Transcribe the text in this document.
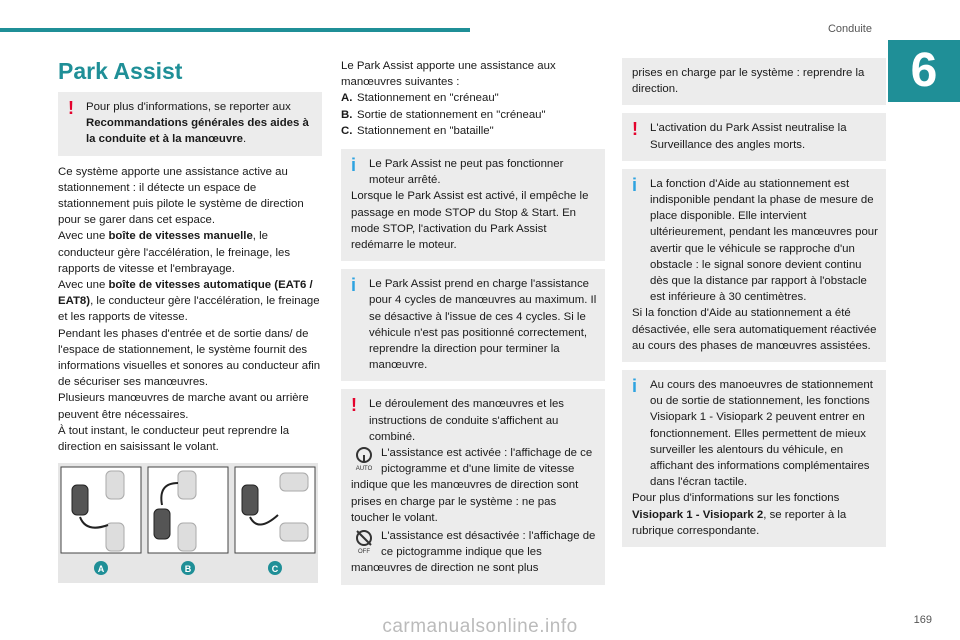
Conduite
6
Park Assist
!	Pour plus d'informations, se reporter aux Recommandations générales des aides à la conduite et à la manœuvre.

Ce système apporte une assistance active au stationnement : il détecte un espace de stationnement puis pilote le système de direction pour se garer dans cet espace.

Avec une boîte de vitesses manuelle, le conducteur gère l'accélération, le freinage, les rapports de vitesse et l'embrayage.

Avec une boîte de vitesses automatique (EAT6 / EAT8), le conducteur gère l'accélération, le freinage et les rapports de vitesse.

Pendant les phases d'entrée et de sortie dans/ de l'espace de stationnement, le système fournit des informations visuelles et sonores au conducteur afin de sécuriser ses manœuvres.

Plusieurs manœuvres de marche avant ou arrière peuvent être nécessaires.

À tout instant, le conducteur peut reprendre la direction en saisissant le volant.

A	B	C

Le Park Assist apporte une assistance aux manœuvres suivantes :

A. Stationnement en "créneau"

B. Sortie de stationnement en "créneau"

C. Stationnement en "bataille"

i	Le Park Assist ne peut pas fonctionner moteur arrêté.

Lorsque le Park Assist est activé, il empêche le passage en mode STOP du Stop & Start. En mode STOP, l'activation du Park Assist redémarre le moteur.

i	Le Park Assist prend en charge l'assistance pour 4 cycles de manœuvres au maximum. Il se désactive à l'issue de ces 4 cycles. Si le véhicule n'est pas positionné correctement, reprendre la direction pour terminer la manœuvre.
!	Le déroulement des manœuvres et les instructions de conduite s'affichent au combiné.

AUTO
L'assistance est activée : l'affichage de ce pictogramme et d'une limite de vitesse indique que les manœuvres de direction sont prises en charge par le système : ne pas toucher le volant.

OFF
L'assistance est désactivée : l'affichage de ce pictogramme indique que les manœuvres de direction ne sont plus

prises en charge par le système : reprendre la direction.

!	L'activation du Park Assist neutralise la Surveillance des angles morts.
i	La fonction d'Aide au stationnement est indisponible pendant la phase de mesure de place disponible. Elle intervient ultérieurement, pendant les manœuvres pour avertir que le véhicule se rapproche d'un obstacle : le signal sonore devient continu dès que la distance par rapport à l'obstacle est inférieure à 30 centimètres.

Si la fonction d'Aide au stationnement a été désactivée, elle sera automatiquement réactivée au cours des phases de manœuvres assistées.

i	Au cours des manoeuvres de stationnement ou de sortie de stationnement, les fonctions Visiopark 1 - Visiopark 2 peuvent entrer en fonctionnement. Elles permettent de mieux surveiller les alentours du véhicule, en affichant des informations complémentaires dans l'écran tactile.

Pour plus d'informations sur les fonctions Visiopark 1 - Visiopark 2, se reporter à la rubrique correspondante.

169
carmanualsonline.info
